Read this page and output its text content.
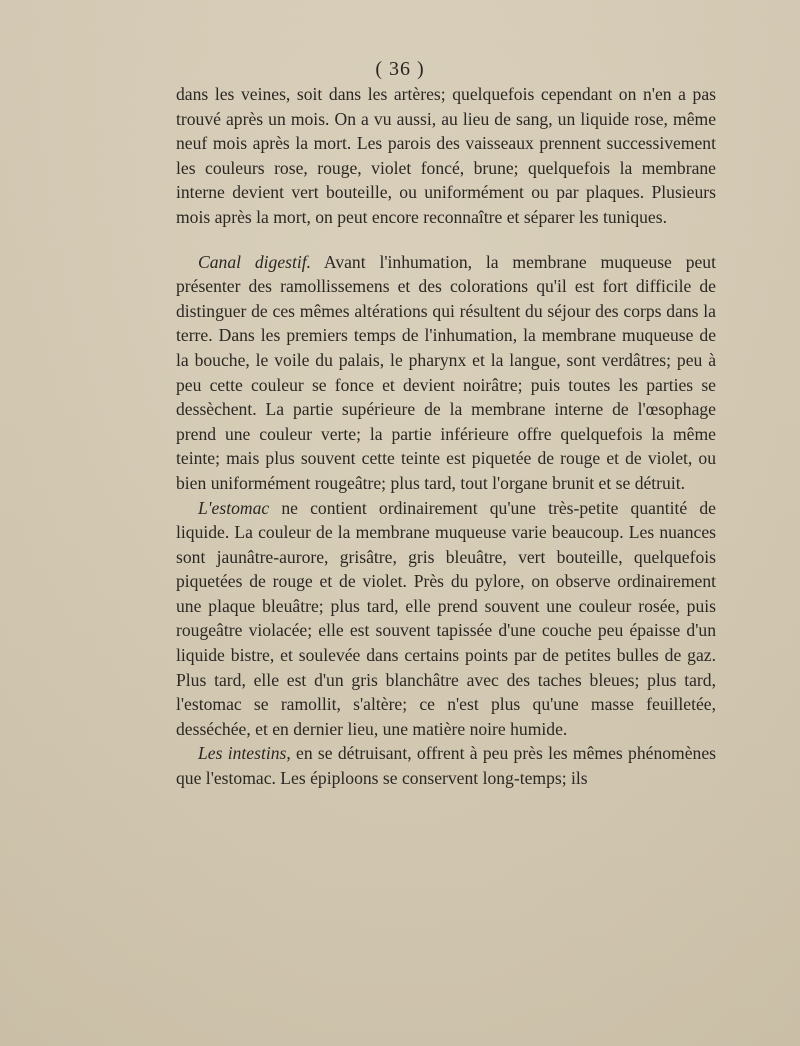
( 36 )

dans les veines, soit dans les artères; quelquefois cependant on n'en a pas trouvé après un mois. On a vu aussi, au lieu de sang, un liquide rose, même neuf mois après la mort. Les parois des vaisseaux prennent successivement les couleurs rose, rouge, violet foncé, brune; quelquefois la membrane interne devient vert bouteille, ou uniformément ou par plaques. Plusieurs mois après la mort, on peut encore reconnaître et séparer les tuniques.

Canal digestif. Avant l'inhumation, la membrane muqueuse peut présenter des ramollissemens et des colorations qu'il est fort difficile de distinguer de ces mêmes altérations qui résultent du séjour des corps dans la terre. Dans les premiers temps de l'inhumation, la membrane muqueuse de la bouche, le voile du palais, le pharynx et la langue, sont verdâtres; peu à peu cette couleur se fonce et devient noirâtre; puis toutes les parties se dessèchent. La partie supérieure de la membrane interne de l'œsophage prend une couleur verte; la partie inférieure offre quelquefois la même teinte; mais plus souvent cette teinte est piquetée de rouge et de violet, ou bien uniformément rougeâtre; plus tard, tout l'organe brunit et se détruit.

L'estomac ne contient ordinairement qu'une très-petite quantité de liquide. La couleur de la membrane muqueuse varie beaucoup. Les nuances sont jaunâtre-aurore, grisâtre, gris bleuâtre, vert bouteille, quelquefois piquetées de rouge et de violet. Près du pylore, on observe ordinairement une plaque bleuâtre; plus tard, elle prend souvent une couleur rosée, puis rougeâtre violacée; elle est souvent tapissée d'une couche peu épaisse d'un liquide bistre, et soulevée dans certains points par de petites bulles de gaz. Plus tard, elle est d'un gris blanchâtre avec des taches bleues; plus tard, l'estomac se ramollit, s'altère; ce n'est plus qu'une masse feuilletée, desséchée, et en dernier lieu, une matière noire humide.

Les intestins, en se détruisant, offrent à peu près les mêmes phénomènes que l'estomac. Les épiploons se conservent long-temps; ils
